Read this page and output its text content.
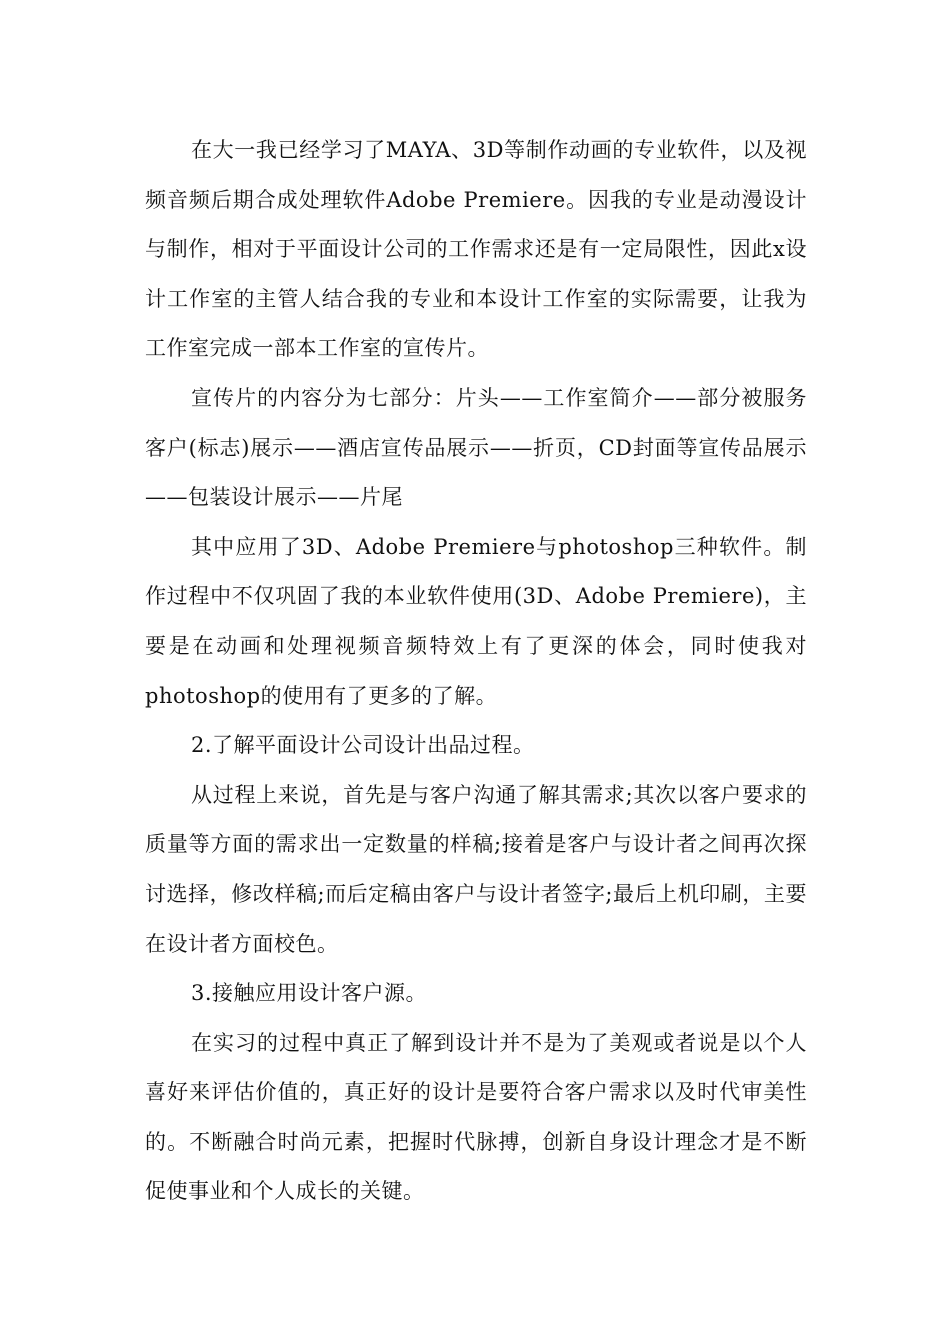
在大一我已经学习了MAYA、3D等制作动画的专业软件，以及视频音频后期合成处理软件Adobe Premiere。因我的专业是动漫设计与制作，相对于平面设计公司的工作需求还是有一定局限性，因此x设计工作室的主管人结合我的专业和本设计工作室的实际需要，让我为工作室完成一部本工作室的宣传片。

宣传片的内容分为七部分：片头——工作室简介——部分被服务客户(标志)展示——酒店宣传品展示——折页，CD封面等宣传品展示——包装设计展示——片尾

其中应用了3D、Adobe Premiere与photoshop三种软件。制作过程中不仅巩固了我的本业软件使用(3D、Adobe Premiere)，主要是在动画和处理视频音频特效上有了更深的体会，同时使我对photoshop的使用有了更多的了解。

2.了解平面设计公司设计出品过程。

从过程上来说，首先是与客户沟通了解其需求;其次以客户要求的质量等方面的需求出一定数量的样稿;接着是客户与设计者之间再次探讨选择，修改样稿;而后定稿由客户与设计者签字;最后上机印刷，主要在设计者方面校色。

3.接触应用设计客户源。

在实习的过程中真正了解到设计并不是为了美观或者说是以个人喜好来评估价值的，真正好的设计是要符合客户需求以及时代审美性的。不断融合时尚元素，把握时代脉搏，创新自身设计理念才是不断促使事业和个人成长的关键。
